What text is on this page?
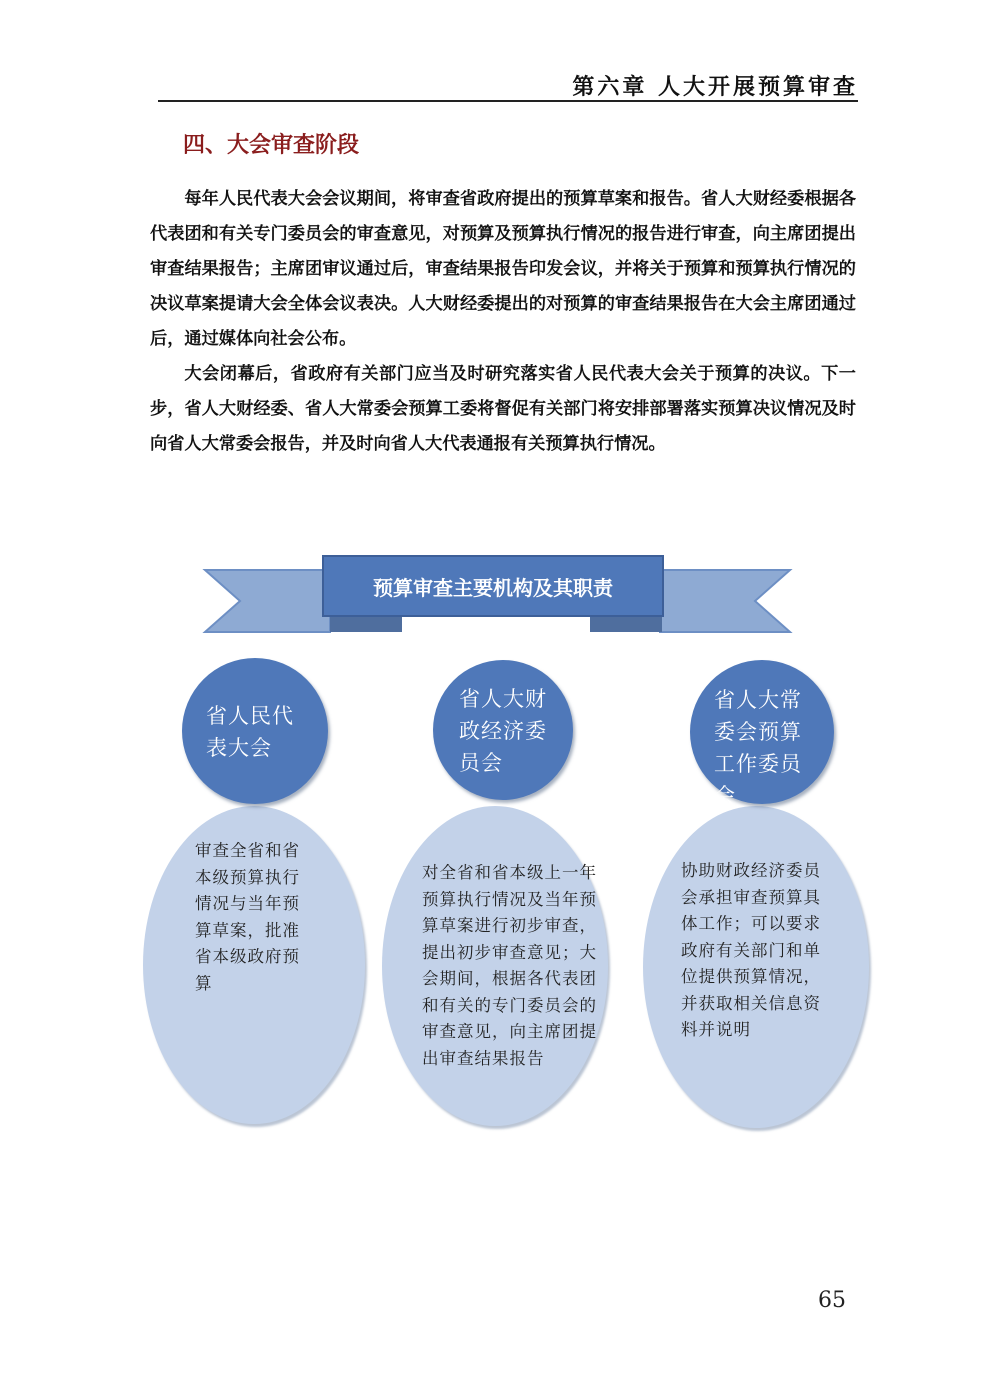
第六章 人大开展预算审查
四、大会审查阶段

每年人民代表大会会议期间，将审查省政府提出的预算草案和报告。省人大财经委根据各代表团和有关专门委员会的审查意见，对预算及预算执行情况的报告进行审查，向主席团提出审查结果报告；主席团审议通过后，审查结果报告印发会议，并将关于预算和预算执行情况的决议草案提请大会全体会议表决。人大财经委提出的对预算的审查结果报告在大会主席团通过后，通过媒体向社会公布。

大会闭幕后，省政府有关部门应当及时研究落实省人民代表大会关于预算的决议。下一步，省人大财经委、省人大常委会预算工委将督促有关部门将安排部署落实预算决议情况及时向省人大常委会报告，并及时向省人大代表通报有关预算执行情况。

预算审查主要机构及其职责
省人民代
表大会
审查全省和省
本级预算执行
情况与当年预
算草案，批准
省本级政府预
算
省人大财
政经济委
员会
对全省和省本级上一年
预算执行情况及当年预
算草案进行初步审查，
提出初步审查意见；大
会期间，根据各代表团
和有关的专门委员会的
审查意见，向主席团提
出审查结果报告
省人大常
委会预算
工作委员
会
协助财政经济委员
会承担审查预算具
体工作；可以要求
政府有关部门和单
位提供预算情况，
并获取相关信息资
料并说明
65
